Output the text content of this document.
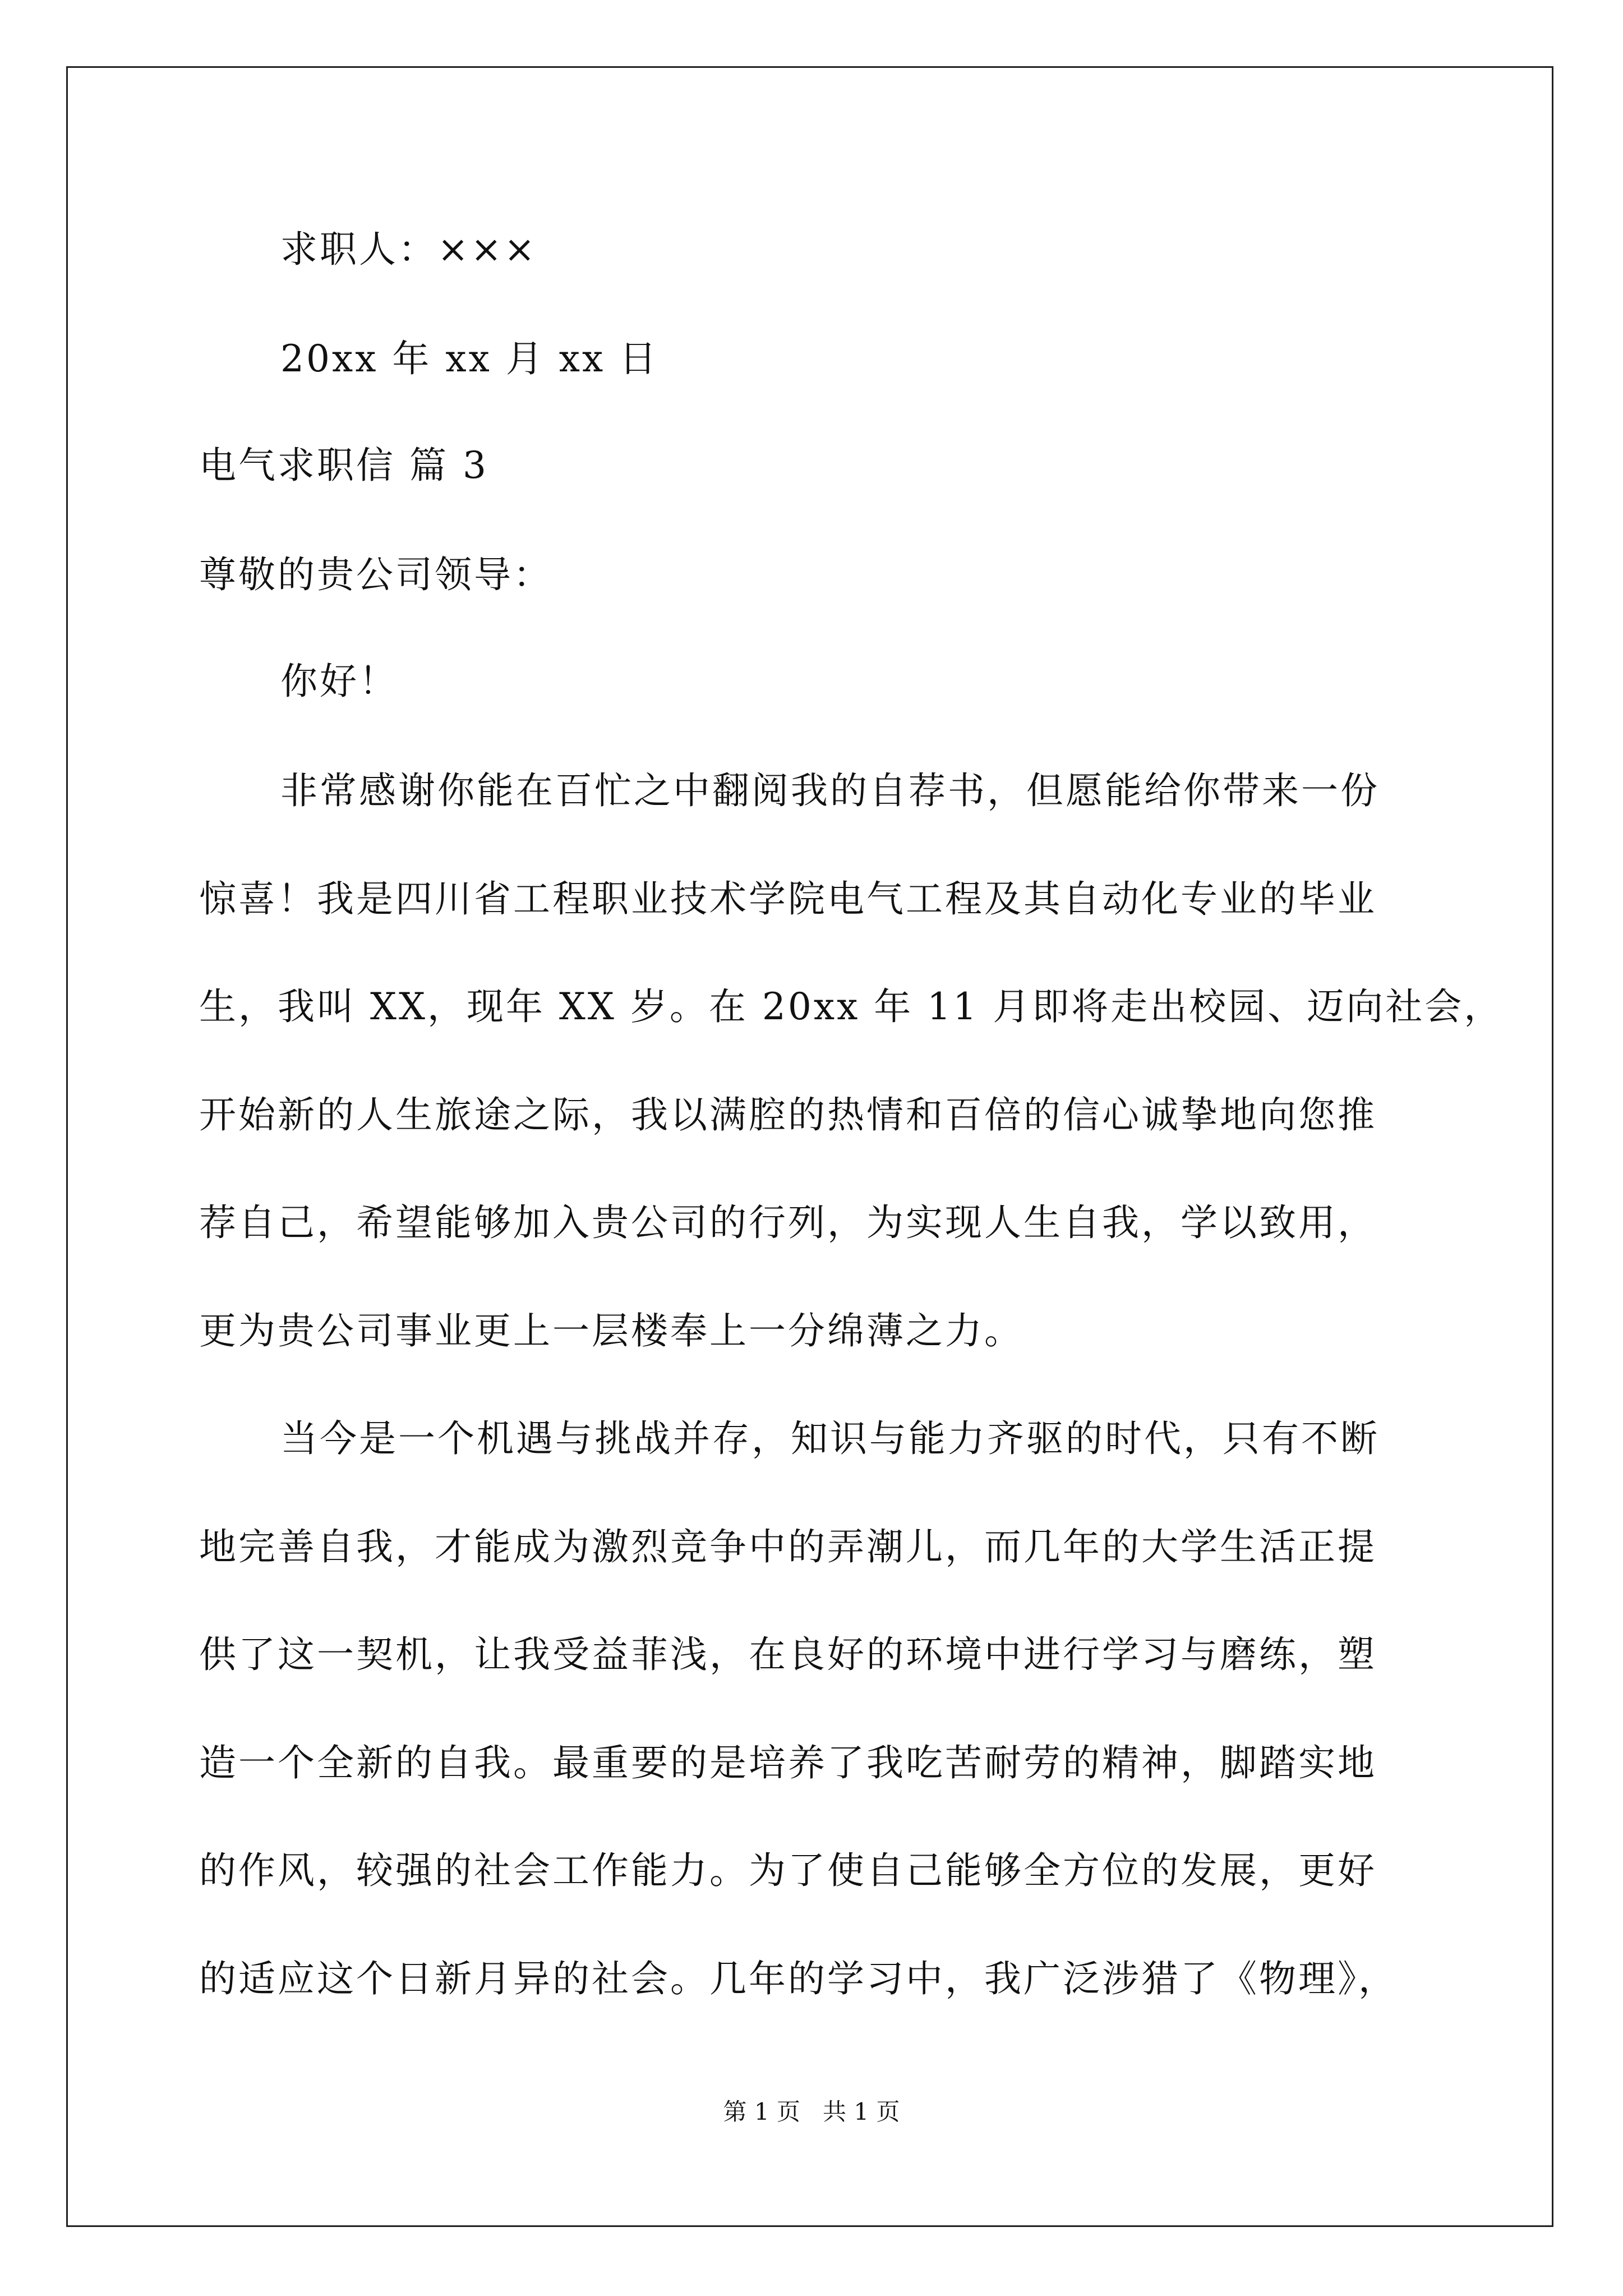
求职人：×××
20xx 年 xx 月 xx 日
电气求职信 篇 3
尊敬的贵公司领导：
你好！
非常感谢你能在百忙之中翻阅我的自荐书，但愿能给你带来一份
惊喜！我是四川省工程职业技术学院电气工程及其自动化专业的毕业
生，我叫 XX，现年 XX 岁。在 20xx 年 11 月即将走出校园、迈向社会，
开始新的人生旅途之际，我以满腔的热情和百倍的信心诚挚地向您推
荐自己，希望能够加入贵公司的行列，为实现人生自我，学以致用，
更为贵公司事业更上一层楼奉上一分绵薄之力。
当今是一个机遇与挑战并存，知识与能力齐驱的时代，只有不断
地完善自我，才能成为激烈竞争中的弄潮儿，而几年的大学生活正提
供了这一契机，让我受益菲浅，在良好的环境中进行学习与磨练，塑
造一个全新的自我。最重要的是培养了我吃苦耐劳的精神，脚踏实地
的作风，较强的社会工作能力。为了使自己能够全方位的发展，更好
的适应这个日新月异的社会。几年的学习中，我广泛涉猎了《物理》，
第 1 页   共 1 页
